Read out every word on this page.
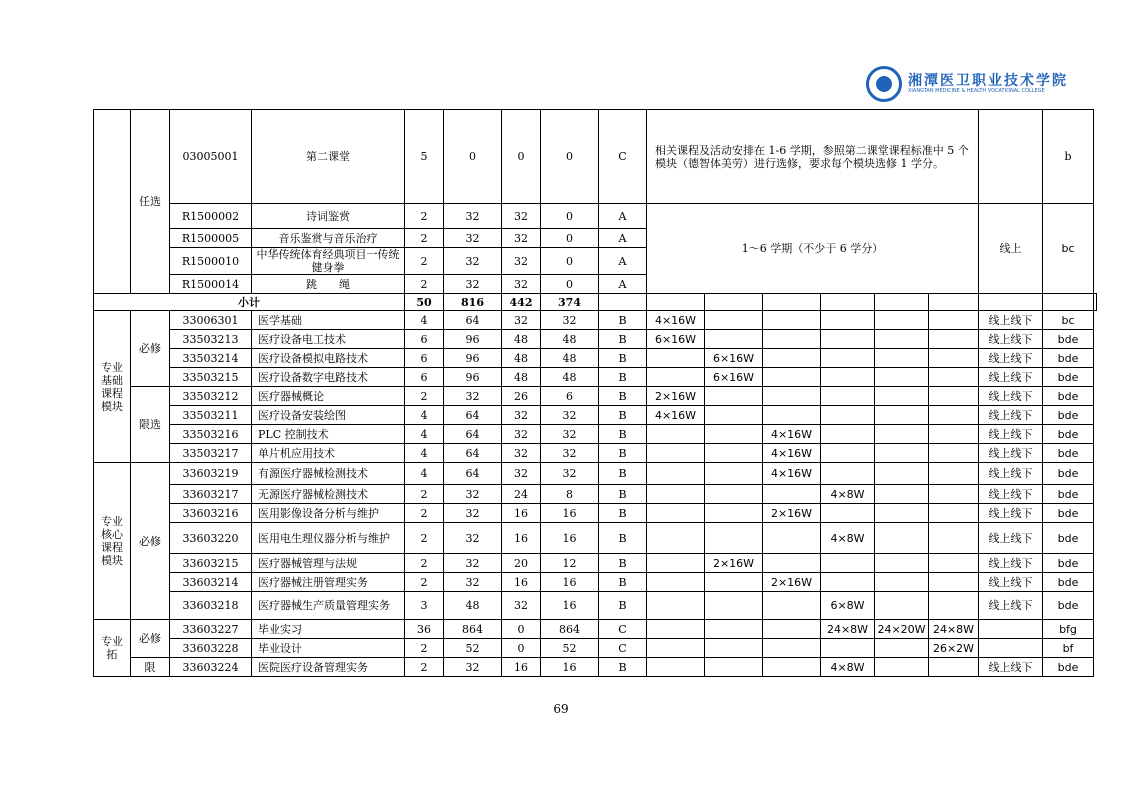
湘潭医卫职业技术学院
XIANGTAN MEDICINE & HEALTH VOCATIONAL COLLEGE
	任选	03005001	第二课堂	5	0	0	0	C	相关课程及活动安排在 1-6 学期，参照第二课堂课程标准中 5 个模块（德智体美劳）进行选修，要求每个模块选修 1 学分。							b	
		R1500002	诗词鉴赏	2	32	32	0	A	1～6 学期（不少于 6 学分）						线上	bc	
		R1500005	音乐鉴赏与音乐治疗	2	32	32	0	A									
		R1500010	中华传统体育经典项目一传统健身拳	2	32	32	0	A									
		R1500014	跳　　绳	2	32	32	0	A									
小计				50	816	442	374										
专业基础课程模块	必修	33006301	医学基础	4	64	32	32	B	4×16W						线上线下	bc	
		33503213	医疗设备电工技术	6	96	48	48	B	6×16W						线上线下	bde	
		33503214	医疗设备模拟电路技术	6	96	48	48	B		6×16W					线上线下	bde	
		33503215	医疗设备数字电路技术	6	96	48	48	B		6×16W					线上线下	bde	
	限选	33503212	医疗器械概论	2	32	26	6	B	2×16W						线上线下	bde	
		33503211	医疗设备安装绘图	4	64	32	32	B	4×16W						线上线下	bde	
		33503216	PLC 控制技术	4	64	32	32	B			4×16W				线上线下	bde	
		33503217	单片机应用技术	4	64	32	32	B			4×16W				线上线下	bde	
专业核心课程模块	必修	33603219	有源医疗器械检测技术	4	64	32	32	B			4×16W				线上线下	bde	
		33603217	无源医疗器械检测技术	2	32	24	8	B				4×8W			线上线下	bde	
		33603216	医用影像设备分析与维护	2	32	16	16	B			2×16W				线上线下	bde	
		33603220	医用电生理仪器分析与维护	2	32	16	16	B				4×8W			线上线下	bde	
		33603215	医疗器械管理与法规	2	32	20	12	B		2×16W					线上线下	bde	
		33603214	医疗器械注册管理实务	2	32	16	16	B			2×16W				线上线下	bde	
		33603218	医疗器械生产质量管理实务	3	48	32	16	B				6×8W			线上线下	bde	
专业拓	必修	33603227	毕业实习	36	864	0	864	C				24×8W	24×20W	24×8W		bfg	
		33603228	毕业设计	2	52	0	52	C						26×2W		bf	
	限	33603224	医院医疗设备管理实务	2	32	16	16	B				4×8W			线上线下	bde	
69
